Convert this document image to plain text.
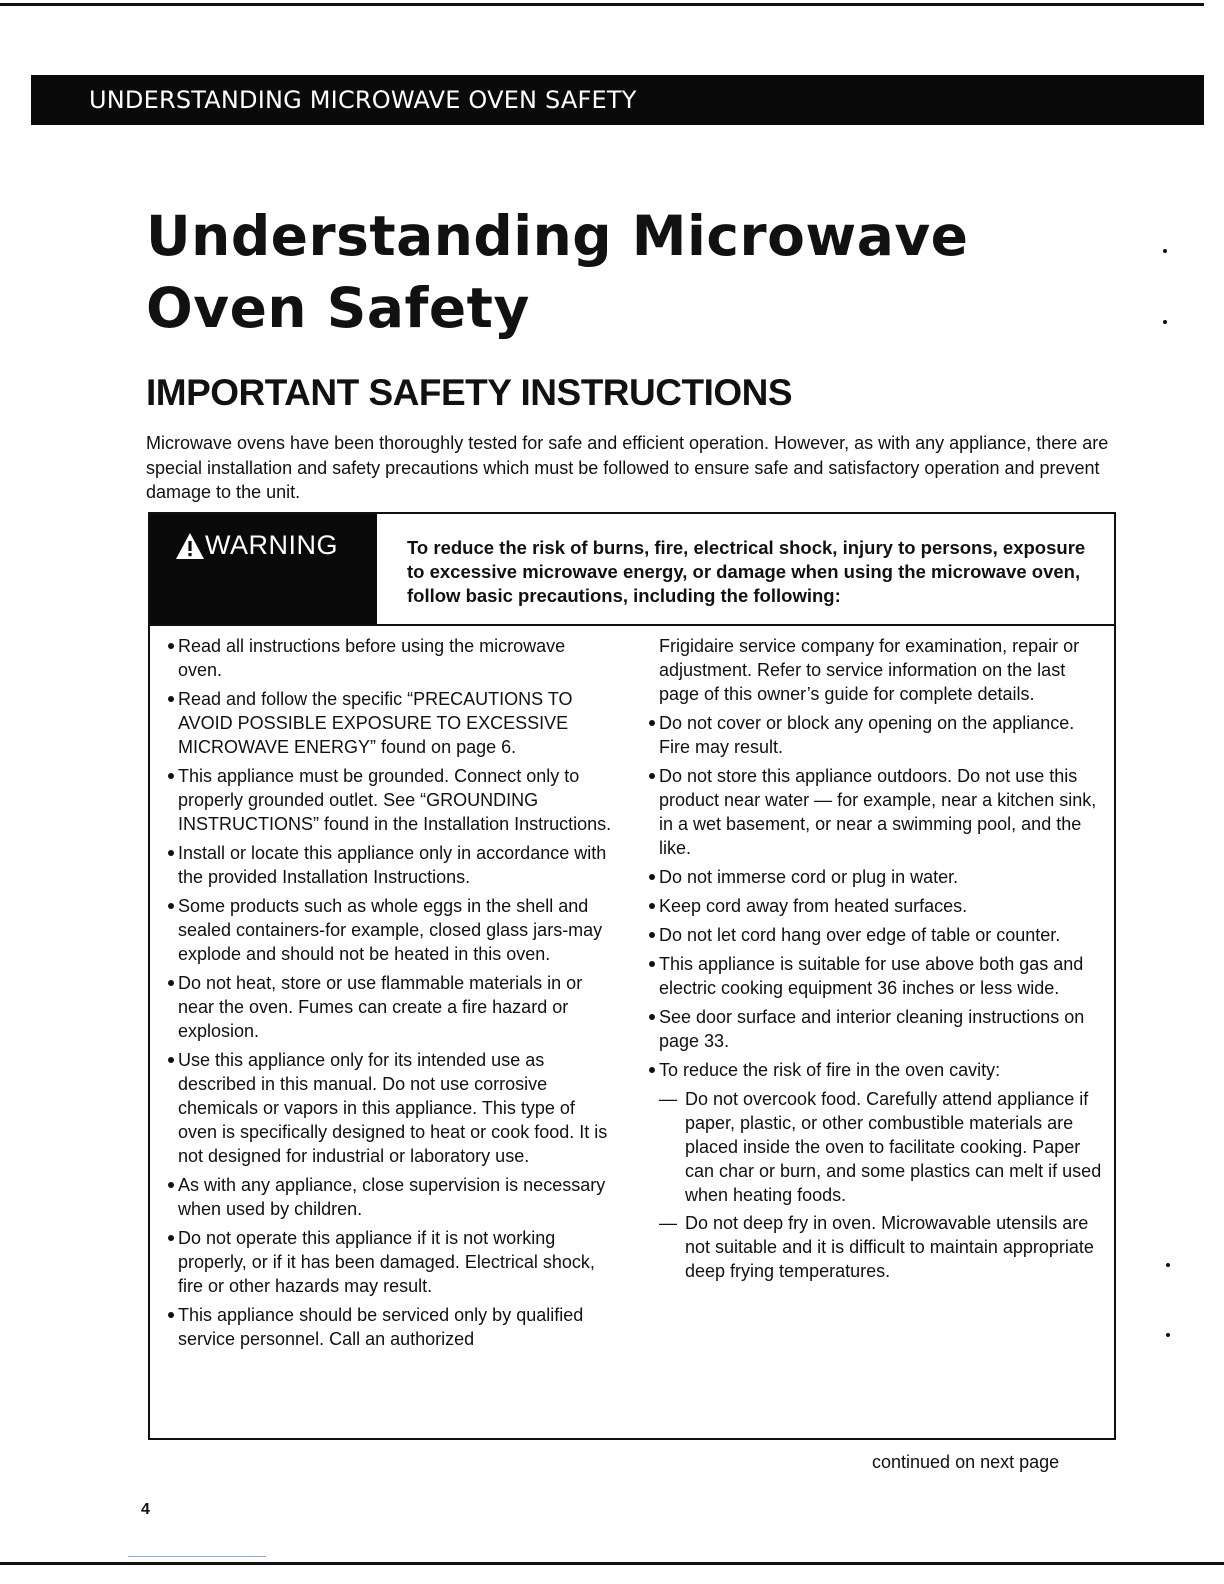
UNDERSTANDING MICROWAVE OVEN SAFETY
Understanding Microwave
Oven Safety
IMPORTANT SAFETY INSTRUCTIONS

Microwave ovens have been thoroughly tested for safe and efficient operation. However, as with any appliance, there are special installation and safety precautions which must be followed to ensure safe and satisfactory operation and prevent damage to the unit.

WARNING	To reduce the risk of burns, fire, electrical shock, injury to persons, exposure to excessive microwave energy, or damage when using the microwave oven, follow basic precautions, including the following:
Read all instructions before using the microwave oven.
Read and follow the specific “PRECAUTIONS TO AVOID POSSIBLE EXPOSURE TO EXCESSIVE MICROWAVE ENERGY” found on page 6.
This appliance must be grounded. Connect only to properly grounded outlet. See “GROUNDING INSTRUCTIONS” found in the Installation Instructions.
Install or locate this appliance only in accordance with the provided Installation Instructions.
Some products such as whole eggs in the shell and sealed containers-for example, closed glass jars-may explode and should not be heated in this oven.
Do not heat, store or use flammable materials in or near the oven. Fumes can create a fire hazard or explosion.
Use this appliance only for its intended use as described in this manual. Do not use corrosive chemicals or vapors in this appliance. This type of oven is specifically designed to heat or cook food. It is not designed for industrial or laboratory use.
As with any appliance, close supervision is necessary when used by children.
Do not operate this appliance if it is not working properly, or if it has been damaged. Electrical shock, fire or other hazards may result.
This appliance should be serviced only by qualified service personnel. Call an authorized
Frigidaire service company for examination, repair or adjustment. Refer to service information on the last page of this owner’s guide for complete details.
Do not cover or block any opening on the appliance. Fire may result.
Do not store this appliance outdoors. Do not use this product near water — for example, near a kitchen sink, in a wet basement, or near a swimming pool, and the like.
Do not immerse cord or plug in water.
Keep cord away from heated surfaces.
Do not let cord hang over edge of table or counter.
This appliance is suitable for use above both gas and electric cooking equipment 36 inches or less wide.
See door surface and interior cleaning instructions on page 33.
To reduce the risk of fire in the oven cavity:
— Do not overcook food. Carefully attend appliance if paper, plastic, or other combustible materials are placed inside the oven to facilitate cooking. Paper can char or burn, and some plastics can melt if used when heating foods.
— Do not deep fry in oven. Microwavable utensils are not suitable and it is difficult to maintain appropriate deep frying temperatures.
continued on next page
4
